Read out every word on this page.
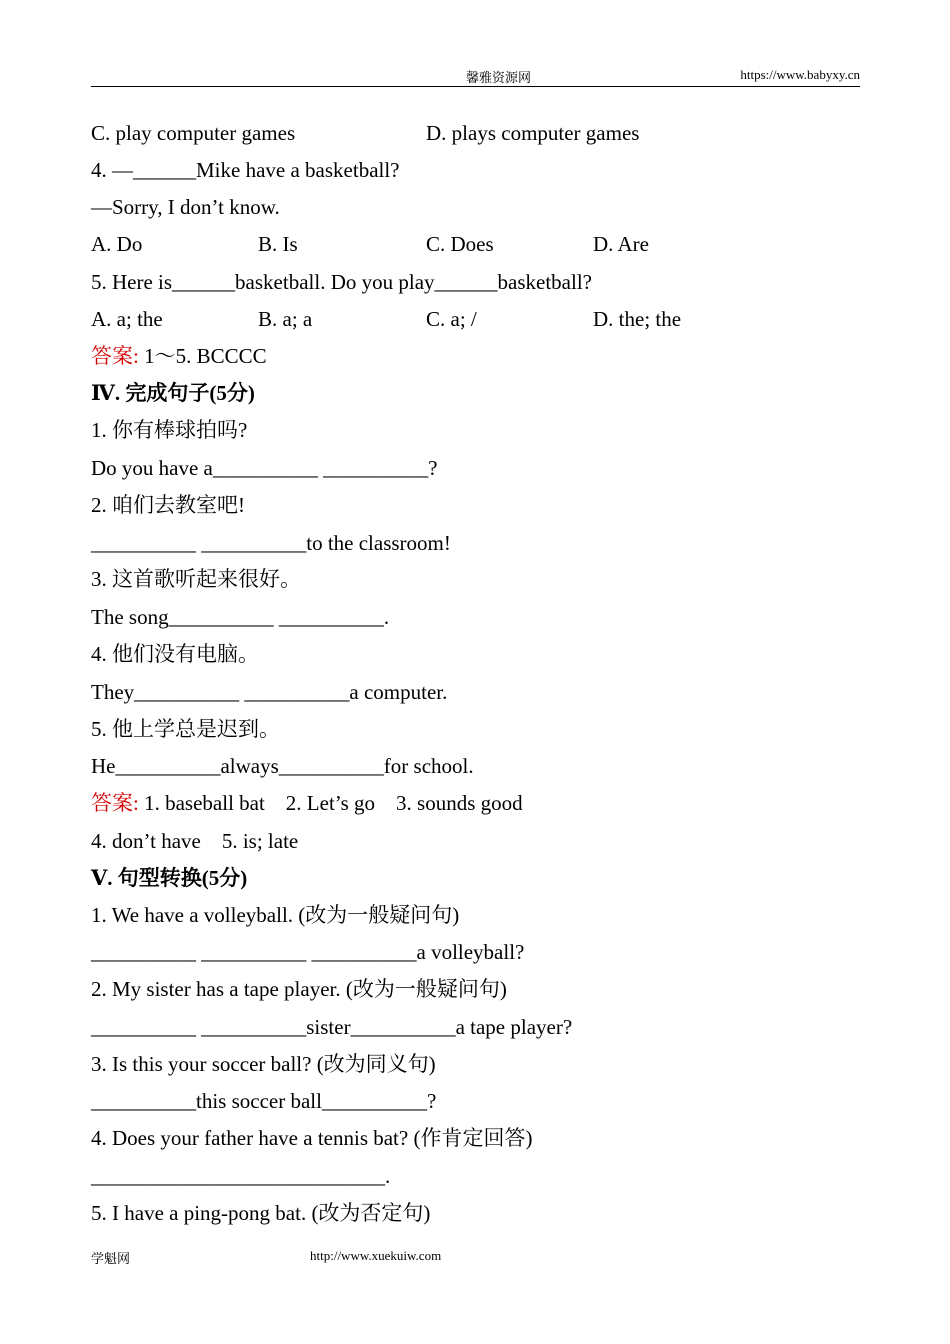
馨雅资源网	https://www.babyxy.cn

C. play computer games

	D. plays computer games

4. —______Mike have a basketball?
—Sorry, I don’t know.

A. Do

	B. Is

	C. Does

	D. Are

5. Here is______basketball. Do you play______basketball?

A. a; the

	B. a; a

	C. a; /

	D. the; the

答案: 1～5. BCCCC
Ⅳ. 完成句子(5分)
1. 你有棒球拍吗?
Do you have a__________ __________?
2. 咱们去教室吧!
__________ __________to the classroom!
3. 这首歌听起来很好。
The song__________ __________.
4. 他们没有电脑。
They__________ __________a computer.
5. 他上学总是迟到。
He__________always__________for school.
答案: 1. baseball bat    2. Let’s go    3. sounds good
4. don’t have    5. is; late
Ⅴ. 句型转换(5分)
1. We have a volleyball. (改为一般疑问句)
__________ __________ __________a volleyball?
2. My sister has a tape player. (改为一般疑问句)
__________ __________sister__________a tape player?
3. Is this your soccer ball? (改为同义句)
__________this soccer ball__________?
4. Does your father have a tennis bat? (作肯定回答)
____________________________.
5. I have a ping-pong bat. (改为否定句)
学魁网	http://www.xuekuiw.com
